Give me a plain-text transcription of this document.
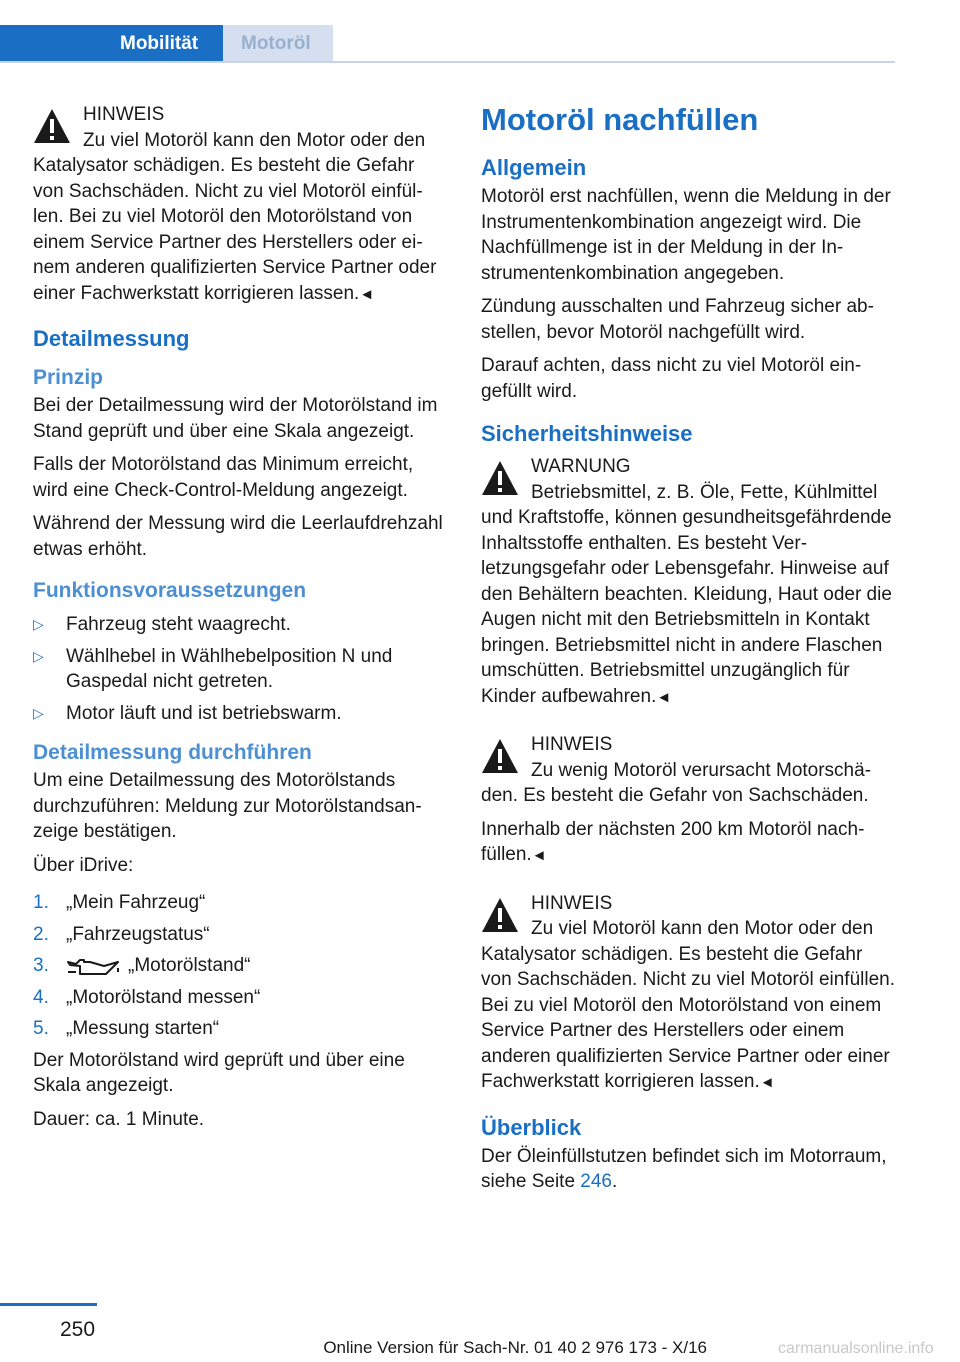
Mobilität	Motoröl
HINWEIS

Zu viel Motoröl kann den Motor oder den Katalysator schädigen. Es besteht die Gefahr von Sachschäden. Nicht zu viel Motoröl einfüllen. Bei zu viel Motoröl den Motorölstand von einem Service Partner des Herstellers oder einem anderen qualifizierten Service Partner oder einer Fachwerkstatt korrigieren lassen.◄

Detailmessung
Prinzip

Bei der Detailmessung wird der Motorölstand im Stand geprüft und über eine Skala angezeigt.

Falls der Motorölstand das Minimum erreicht, wird eine Check-Control-Meldung angezeigt.

Während der Messung wird die Leerlaufdrehzahl etwas erhöht.

Funktionsvoraussetzungen
▷ Fahrzeug steht waagrecht.
▷ Wählhebel in Wählhebelposition N und Gaspedal nicht getreten.
▷ Motor läuft und ist betriebswarm.
Detailmessung durchführen

Um eine Detailmessung des Motorölstands durchzuführen: Meldung zur Motorölstandsanzeige bestätigen.

Über iDrive:

1. „Mein Fahrzeug“
2. „Fahrzeugstatus“
3.	„Motorölstand“
4. „Motorölstand messen“
5. „Messung starten“

Der Motorölstand wird geprüft und über eine Skala angezeigt.

Dauer: ca. 1 Minute.

Motoröl nachfüllen
Allgemein

Motoröl erst nachfüllen, wenn die Meldung in der Instrumentenkombination angezeigt wird. Die Nachfüllmenge ist in der Meldung in der Instrumentenkombination angegeben.

Zündung ausschalten und Fahrzeug sicher abstellen, bevor Motoröl nachgefüllt wird.

Darauf achten, dass nicht zu viel Motoröl eingefüllt wird.

Sicherheitshinweise
WARNUNG

Betriebsmittel, z. B. Öle, Fette, Kühlmittel und Kraftstoffe, können gesundheitsgefährdende Inhaltsstoffe enthalten. Es besteht Verletzungsgefahr oder Lebensgefahr. Hinweise auf den Behältern beachten. Kleidung, Haut oder die Augen nicht mit den Betriebsmitteln in Kontakt bringen. Betriebsmittel nicht in andere Flaschen umschütten. Betriebsmittel unzugänglich für Kinder aufbewahren.◄

HINWEIS

Zu wenig Motoröl verursacht Motorschäden. Es besteht die Gefahr von Sachschäden.

Innerhalb der nächsten 200 km Motoröl nachfüllen.◄

HINWEIS

Zu viel Motoröl kann den Motor oder den Katalysator schädigen. Es besteht die Gefahr von Sachschäden. Nicht zu viel Motoröl einfüllen. Bei zu viel Motoröl den Motorölstand von einem Service Partner des Herstellers oder einem anderen qualifizierten Service Partner oder einer Fachwerkstatt korrigieren lassen.◄

Überblick

Der Öleinfüllstutzen befindet sich im Motorraum, siehe Seite 246.

250
Online Version für Sach-Nr. 01 40 2 976 173 - X/16	carmanualsonline.info
